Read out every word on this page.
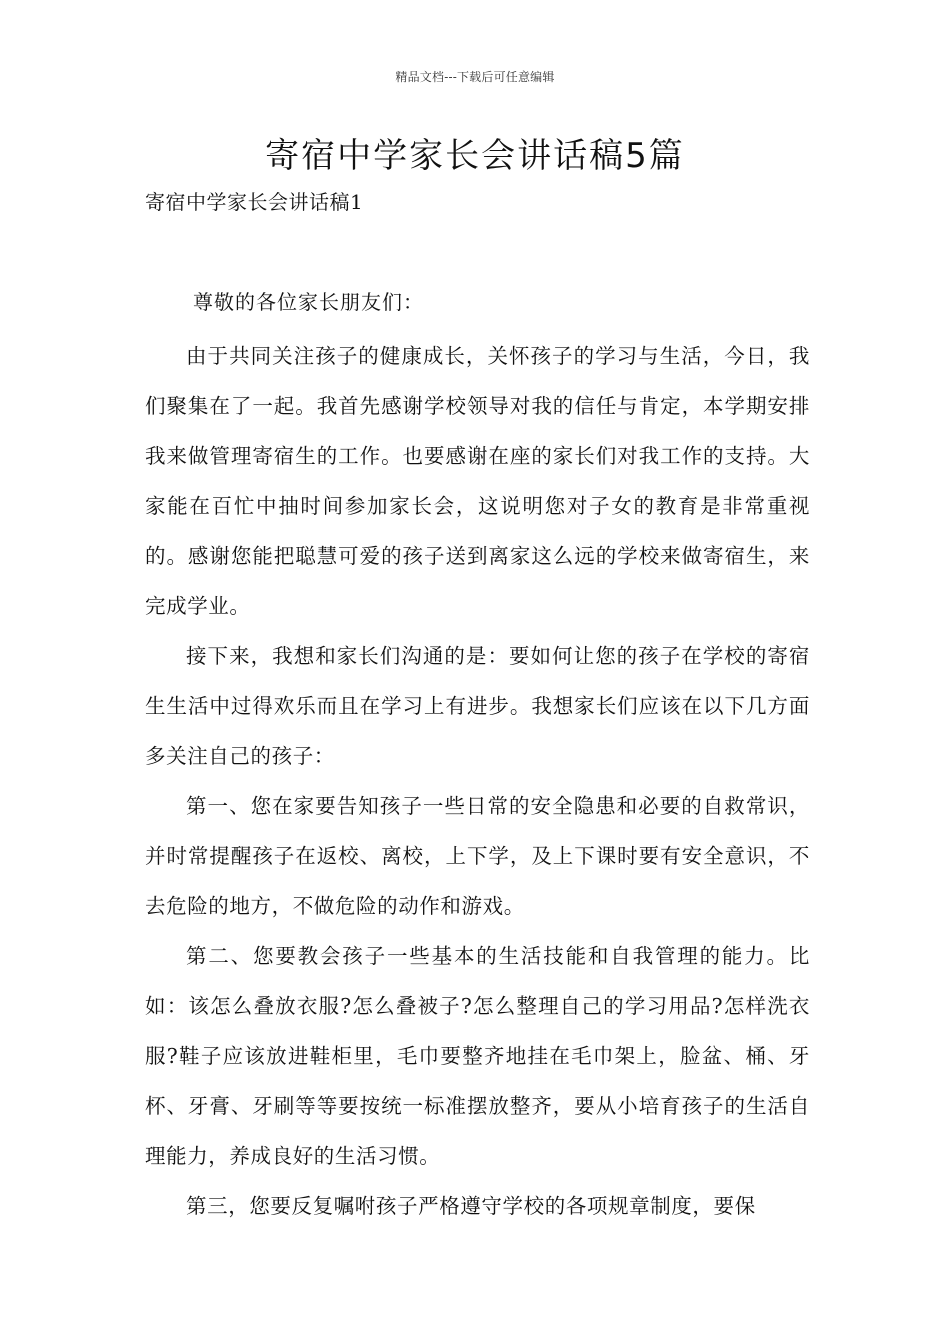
精品文档---下载后可任意编辑
寄宿中学家长会讲话稿5篇
寄宿中学家长会讲话稿1
尊敬的各位家长朋友们：

由于共同关注孩子的健康成长，关怀孩子的学习与生活，今日，我们聚集在了一起。我首先感谢学校领导对我的信任与肯定，本学期安排我来做管理寄宿生的工作。也要感谢在座的家长们对我工作的支持。大家能在百忙中抽时间参加家长会，这说明您对子女的教育是非常重视的。感谢您能把聪慧可爱的孩子送到离家这么远的学校来做寄宿生，来完成学业。

接下来，我想和家长们沟通的是：要如何让您的孩子在学校的寄宿生生活中过得欢乐而且在学习上有进步。我想家长们应该在以下几方面多关注自己的孩子：

第一、您在家要告知孩子一些日常的安全隐患和必要的自救常识，并时常提醒孩子在返校、离校，上下学，及上下课时要有安全意识，不去危险的地方，不做危险的动作和游戏。

第二、您要教会孩子一些基本的生活技能和自我管理的能力。比如：该怎么叠放衣服?怎么叠被子?怎么整理自己的学习用品?怎样洗衣服?鞋子应该放进鞋柜里，毛巾要整齐地挂在毛巾架上，脸盆、桶、牙杯、牙膏、牙刷等等要按统一标准摆放整齐，要从小培育孩子的生活自理能力，养成良好的生活习惯。

第三，您要反复嘱咐孩子严格遵守学校的各项规章制度，要保
